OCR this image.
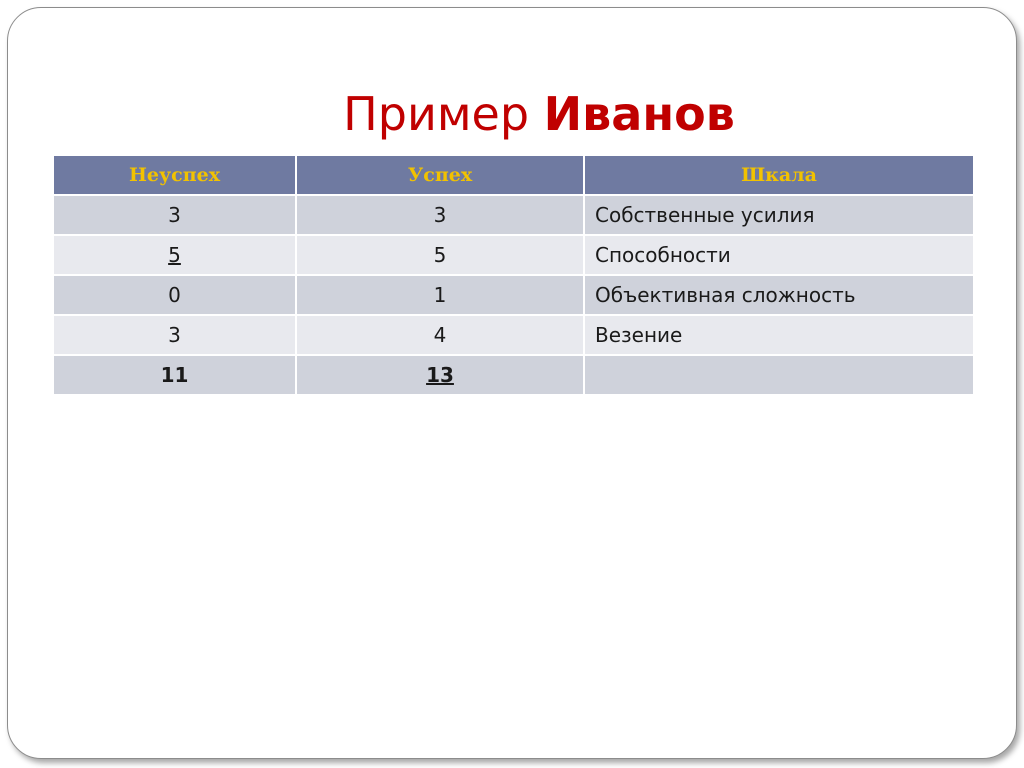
Пример Иванов
Неуспех	Успех	Шкала
3	3	Собственные усилия
5	5	Способности
0	1	Объективная сложность
3	4	Везение
11	13	
